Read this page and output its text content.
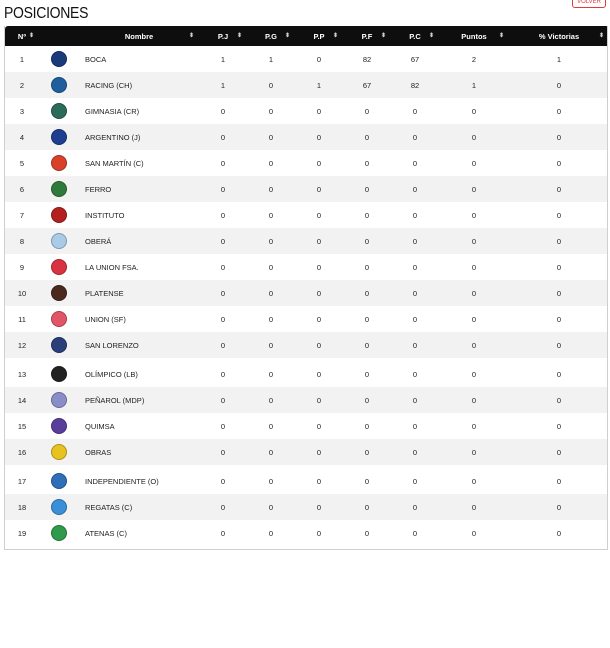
POSICIONES
VOLVER
Nº ⬍		Nombre ⬍	P.J ⬍	P.G ⬍	P.P ⬍	P.F ⬍	P.C ⬍	Puntos ⬍	% Victorias ⬍

1		BOCA	1	1	0	82	67	2	1
2		RACING (CH)	1	0	1	67	82	1	0
3		GIMNASIA (CR)	0	0	0	0	0	0	0
4		ARGENTINO (J)	0	0	0	0	0	0	0
5		SAN MARTÍN (C)	0	0	0	0	0	0	0
6		FERRO	0	0	0	0	0	0	0
7		INSTITUTO	0	0	0	0	0	0	0
8		OBERÁ	0	0	0	0	0	0	0
9		LA UNION FSA.	0	0	0	0	0	0	0
10		PLATENSE	0	0	0	0	0	0	0
11		UNION (SF)	0	0	0	0	0	0	0
12		SAN LORENZO	0	0	0	0	0	0	0
13		OLÍMPICO (LB)	0	0	0	0	0	0	0
14		PEÑAROL (MDP)	0	0	0	0	0	0	0
15		QUIMSA	0	0	0	0	0	0	0
16		OBRAS	0	0	0	0	0	0	0
17		INDEPENDIENTE (O)	0	0	0	0	0	0	0
18		REGATAS (C)	0	0	0	0	0	0	0
19		ATENAS (C)	0	0	0	0	0	0	0
